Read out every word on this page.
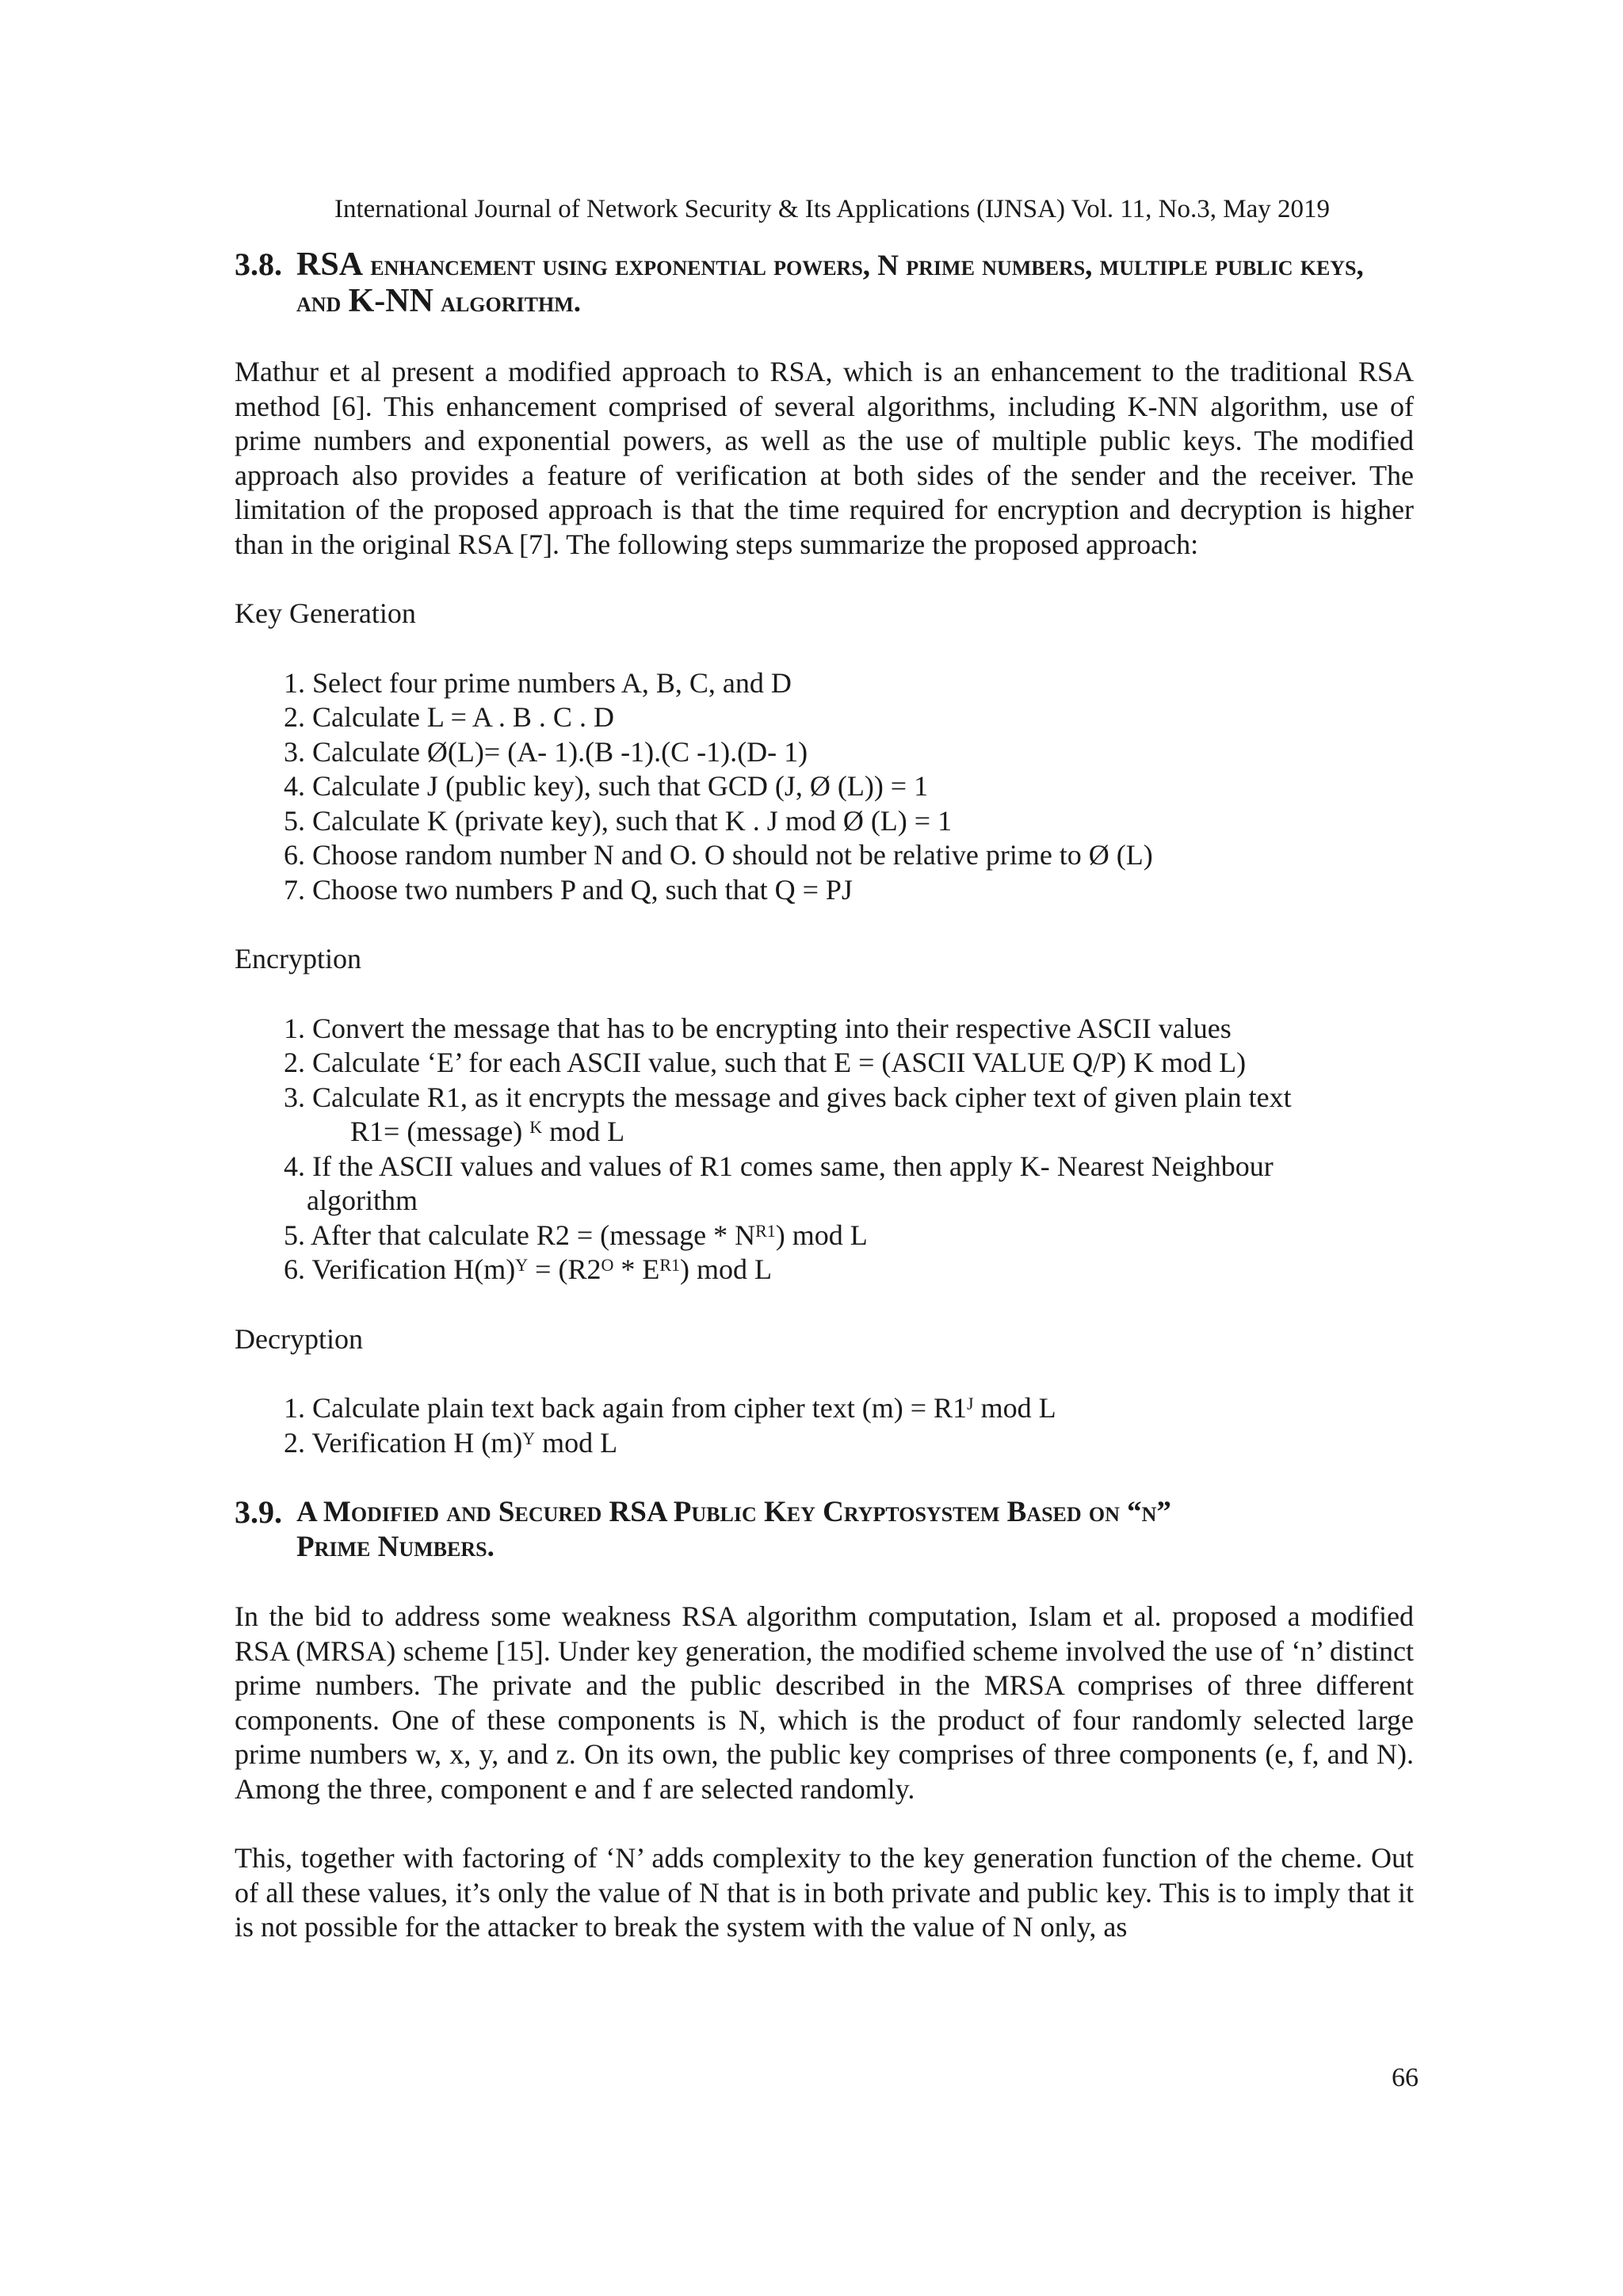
International Journal of Network Security & Its Applications (IJNSA) Vol. 11, No.3, May 2019
3.8. RSA enhancement using exponential powers, N prime numbers, multiple public keys, and K-NN algorithm.

Mathur et al present a modified approach to RSA, which is an enhancement to the traditional RSA method [6]. This enhancement comprised of several algorithms, including K-NN algorithm, use of prime numbers and exponential powers, as well as the use of multiple public keys. The modified approach also provides a feature of verification at both sides of the sender and the receiver. The limitation of the proposed approach is that the time required for encryption and decryption is higher than in the original RSA [7]. The following steps summarize the proposed approach:

Key Generation

1. Select four prime numbers A, B, C, and D
2. Calculate L = A . B . C . D
3. Calculate Ø(L)= (A- 1).(B -1).(C -1).(D- 1)
4. Calculate J (public key), such that GCD (J, Ø (L)) = 1
5. Calculate K (private key), such that K . J mod Ø (L) = 1
6. Choose random number N and O. O should not be relative prime to Ø (L)
7. Choose two numbers P and Q, such that Q = PJ

Encryption

1. Convert the message that has to be encrypting into their respective ASCII values
2. Calculate ‘E’ for each ASCII value, such that E = (ASCII VALUE Q/P) K mod L)
3. Calculate R1, as it encrypts the message and gives back cipher text of given plain text
R1= (message) $^K$ mod L
4. If the ASCII values and values of R1 comes same, then apply K- Nearest Neighbour
algorithm
5. After that calculate R2 = (message * $N^{R1}$) mod L
6. Verification $H(m)^Y = (R2^O * E^{R1})$ mod L

Decryption

1. Calculate plain text back again from cipher text $(m) = R1^J$ mod L
2. Verification H $(m)^Y$ mod L
3.9. A Modified and Secured RSA Public Key Cryptosystem Based on “n”
Prime Numbers.

In the bid to address some weakness RSA algorithm computation, Islam et al. proposed a modified RSA (MRSA) scheme [15]. Under key generation, the modified scheme involved the use of ‘n’ distinct prime numbers. The private and the public described in the MRSA comprises of three different components. One of these components is N, which is the product of four randomly selected large prime numbers w, x, y, and z. On its own, the public key comprises of three components (e, f, and N). Among the three, component e and f are selected randomly.

This, together with factoring of ‘N’ adds complexity to the key generation function of the cheme. Out of all these values, it’s only the value of N that is in both private and public key. This is to imply that it is not possible for the attacker to break the system with the value of N only, as

66
